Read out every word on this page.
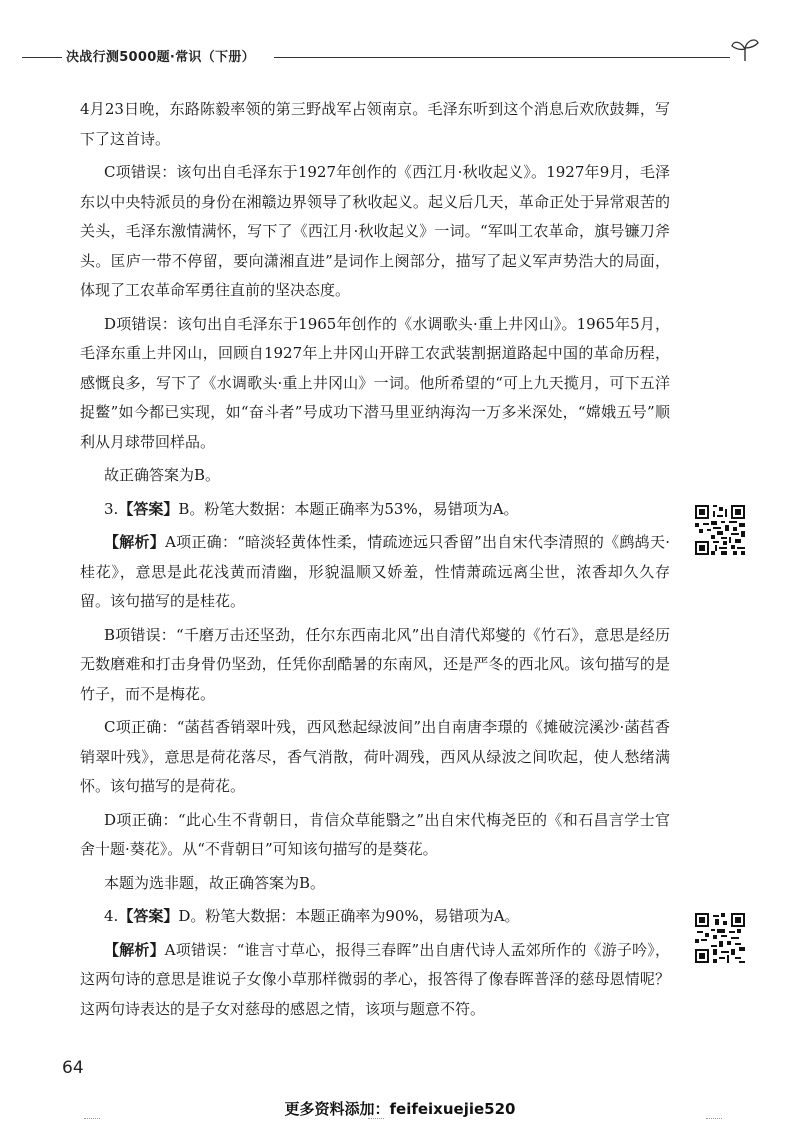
决战行测5000题·常识（下册）

4月23日晚，东路陈毅率领的第三野战军占领南京。毛泽东听到这个消息后欢欣鼓舞，写下了这首诗。

C项错误：该句出自毛泽东于1927年创作的《西江月·秋收起义》。1927年9月，毛泽东以中央特派员的身份在湘赣边界领导了秋收起义。起义后几天，革命正处于异常艰苦的关头，毛泽东激情满怀，写下了《西江月·秋收起义》一词。“军叫工农革命，旗号镰刀斧头。匡庐一带不停留，要向潇湘直进”是词作上阕部分，描写了起义军声势浩大的局面，体现了工农革命军勇往直前的坚决态度。

D项错误：该句出自毛泽东于1965年创作的《水调歌头·重上井冈山》。1965年5月，毛泽东重上井冈山，回顾自1927年上井冈山开辟工农武装割据道路起中国的革命历程，感慨良多，写下了《水调歌头·重上井冈山》一词。他所希望的“可上九天揽月，可下五洋捉鳖”如今都已实现，如“奋斗者”号成功下潜马里亚纳海沟一万多米深处，“嫦娥五号”顺利从月球带回样品。

故正确答案为B。

3.【答案】B。粉笔大数据：本题正确率为53%，易错项为A。

【解析】A项正确：“暗淡轻黄体性柔，情疏迹远只香留”出自宋代李清照的《鹧鸪天·桂花》，意思是此花浅黄而清幽，形貌温顺又娇羞，性情萧疏远离尘世，浓香却久久存留。该句描写的是桂花。

B项错误：“千磨万击还坚劲，任尔东西南北风”出自清代郑燮的《竹石》，意思是经历无数磨难和打击身骨仍坚劲，任凭你刮酷暑的东南风，还是严冬的西北风。该句描写的是竹子，而不是梅花。

C项正确：“菡萏香销翠叶残，西风愁起绿波间”出自南唐李璟的《摊破浣溪沙·菡萏香销翠叶残》，意思是荷花落尽，香气消散，荷叶凋残，西风从绿波之间吹起，使人愁绪满怀。该句描写的是荷花。

D项正确：“此心生不背朝日，肯信众草能翳之”出自宋代梅尧臣的《和石昌言学士官舍十题·葵花》。从“不背朝日”可知该句描写的是葵花。

本题为选非题，故正确答案为B。

4.【答案】D。粉笔大数据：本题正确率为90%，易错项为A。

【解析】A项错误：“谁言寸草心，报得三春晖”出自唐代诗人孟郊所作的《游子吟》，这两句诗的意思是谁说子女像小草那样微弱的孝心，报答得了像春晖普泽的慈母恩情呢？这两句诗表达的是子女对慈母的感恩之情，该项与题意不符。

64
更多资料添加：feifeixuejie520
